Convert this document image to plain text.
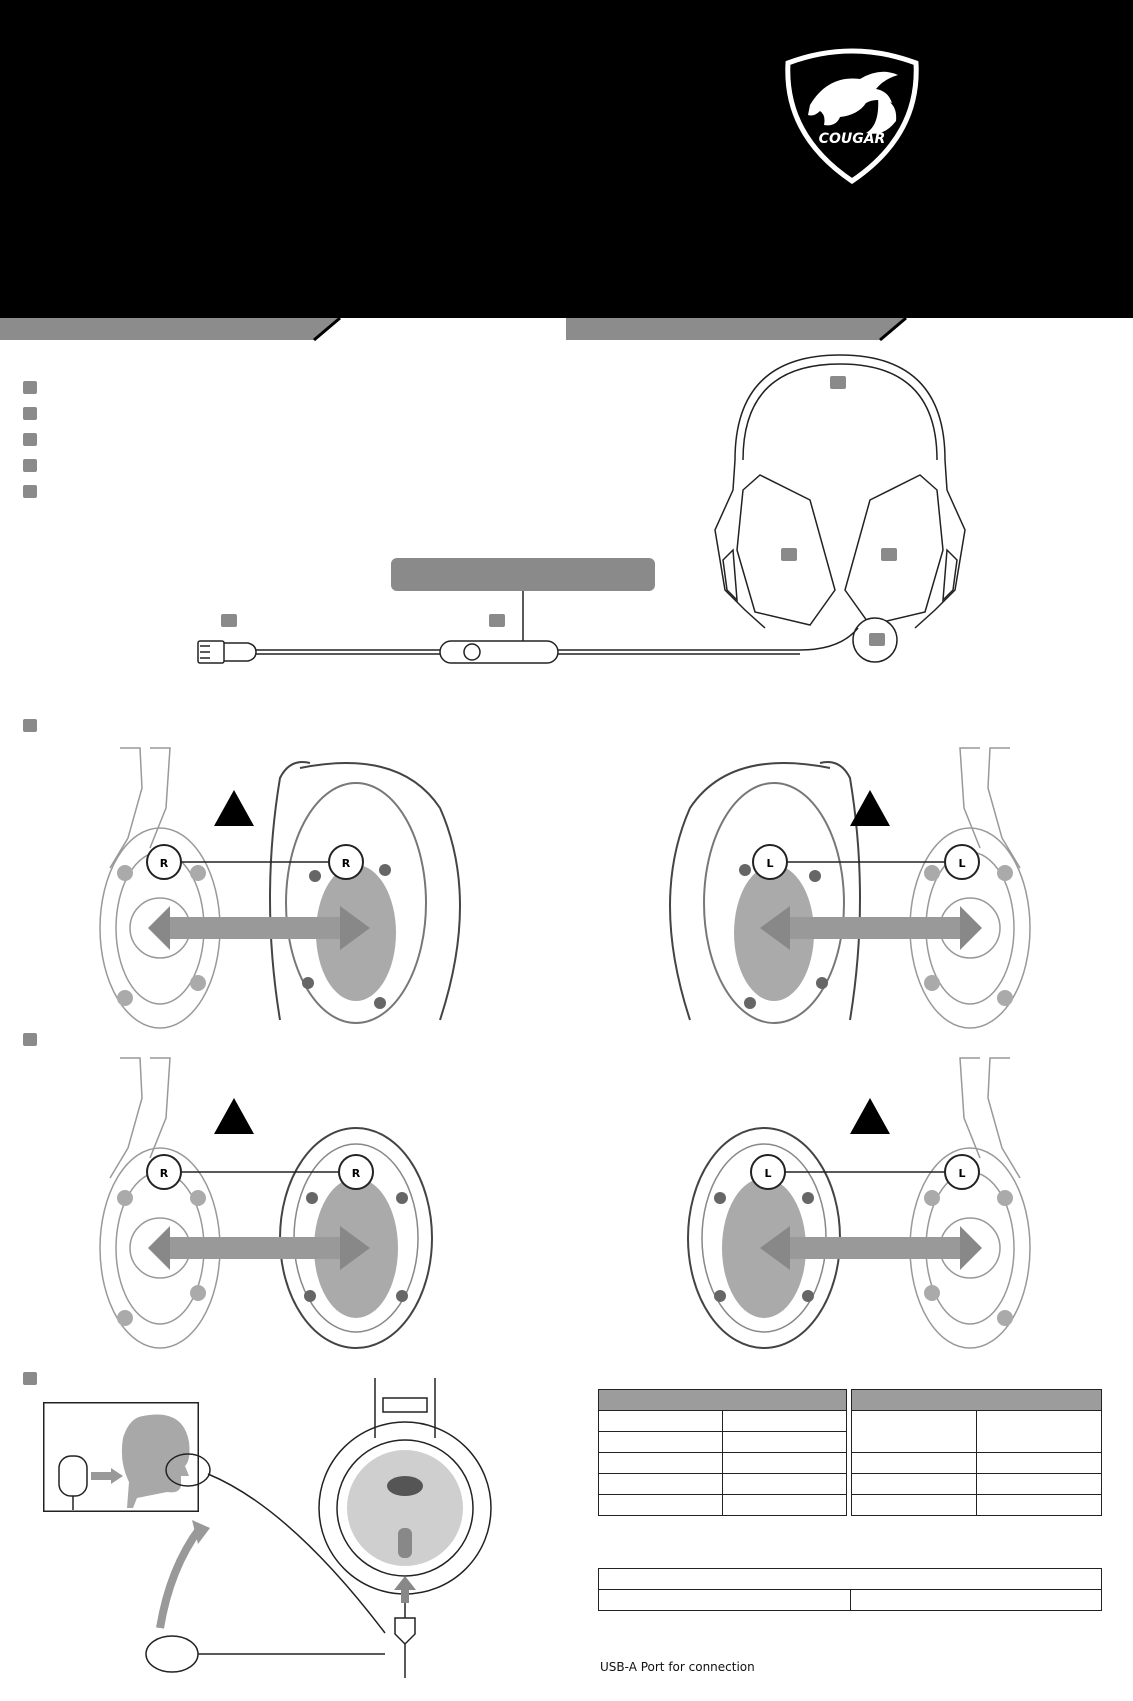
COUGAR
R	R	L	L
R	R	L	L

USB-A Port for connection
